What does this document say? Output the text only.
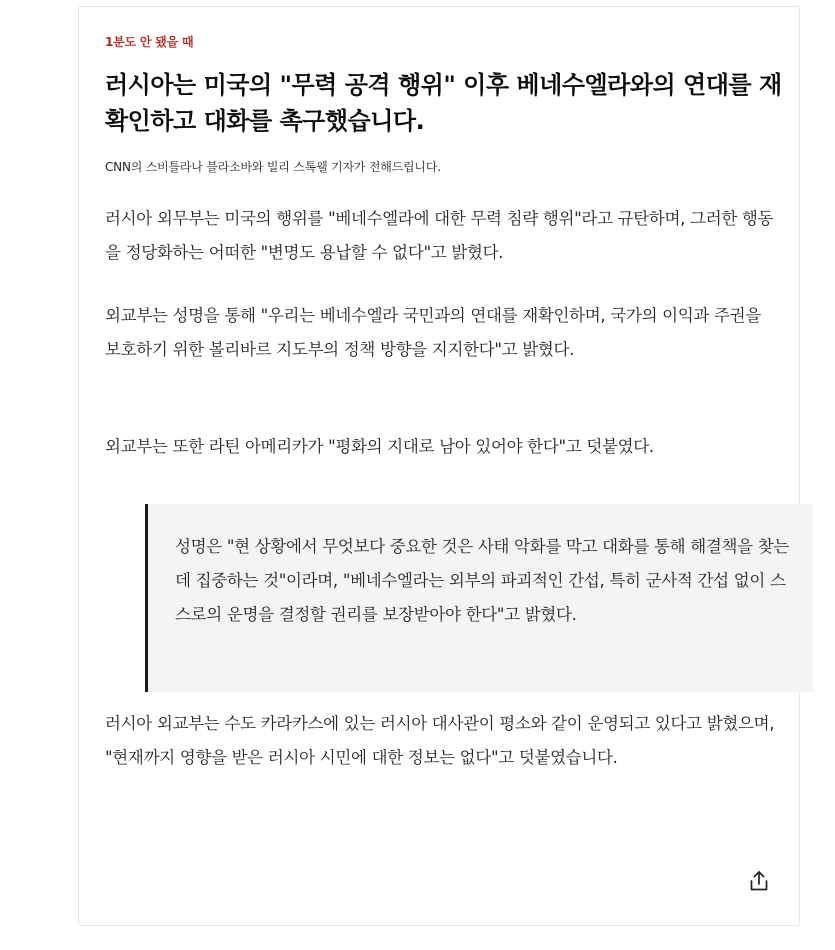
1분도 안 됐을 때
러시아는 미국의 "무력 공격 행위" 이후 베네수엘라와의 연대를 재확인하고 대화를 촉구했습니다.
CNN의 스비틀라나 블라소바와 빌리 스톡웰 기자가 전해드립니다.

러시아 외무부는 미국의 행위를 "베네수엘라에 대한 무력 침략 행위"라고 규탄하며, 그러한 행동을 정당화하는 어떠한 "변명도 용납할 수 없다"고 밝혔다.

외교부는 성명을 통해 "우리는 베네수엘라 국민과의 연대를 재확인하며, 국가의 이익과 주권을 보호하기 위한 볼리바르 지도부의 정책 방향을 지지한다"고 밝혔다.

외교부는 또한 라틴 아메리카가 "평화의 지대로 남아 있어야 한다"고 덧붙였다.

성명은 "현 상황에서 무엇보다 중요한 것은 사태 악화를 막고 대화를 통해 해결책을 찾는 데 집중하는 것"이라며, "베네수엘라는 외부의 파괴적인 간섭, 특히 군사적 간섭 없이 스스로의 운명을 결정할 권리를 보장받아야 한다"고 밝혔다.

러시아 외교부는 수도 카라카스에 있는 러시아 대사관이 평소와 같이 운영되고 있다고 밝혔으며, "현재까지 영향을 받은 러시아 시민에 대한 정보는 없다"고 덧붙였습니다.
